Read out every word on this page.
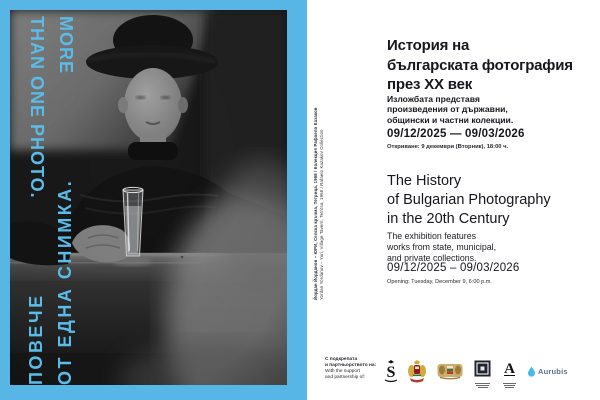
MORE
THAN ONE PHOTO.
ПОВЕЧЕ ОТ ЕДНА СНИМКА.	Йордан Йорданов – ЮРИ, Селска кръчма, Тетрица, 1968 / Колекция Рафаело Казаков Yordan Yordanov – Yuri, Village Tavern, Tetritsa, 1968 / Rafaelo Kazakov Collection
История на
българската фотография
през XX век
Изложбата представя
произведения от държавни,
общински и частни колекции.
09/12/2025 — 09/03/2026
Откриване: 9 декември (Вторник), 18:00 ч.
The History
of Bulgarian Photography
in the 20th Century
The exhibition features
works from state, municipal,
and private collections.
09/12/2025 – 09/03/2026
Opening: Tuesday, December 9, 6:00 p.m.
С подкрепата
и партньорството на:
With the support
and partnership of:	S	A	Aurubis
